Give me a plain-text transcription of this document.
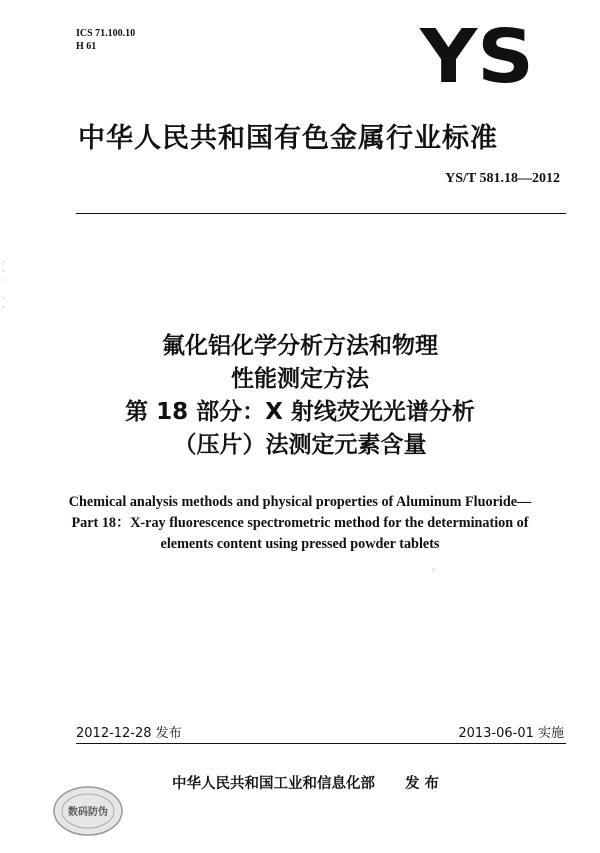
ICS 71.100.10
H 61	YS
中华人民共和国有色金属行业标准
YS/T 581.18—2012
·
·
·

·
·
氟化铝化学分析方法和物理
性能测定方法
第 18 部分：X 射线荧光光谱分析
（压片）法测定元素含量
Chemical analysis methods and physical properties of Aluminum Fluoride—
Part 18：X-ray fluorescence spectrometric method for the determination of
elements content using pressed powder tablets
·
2012-12-28 发布	2013-06-01 实施
中华人民共和国工业和信息化部 发 布
数码防伪
